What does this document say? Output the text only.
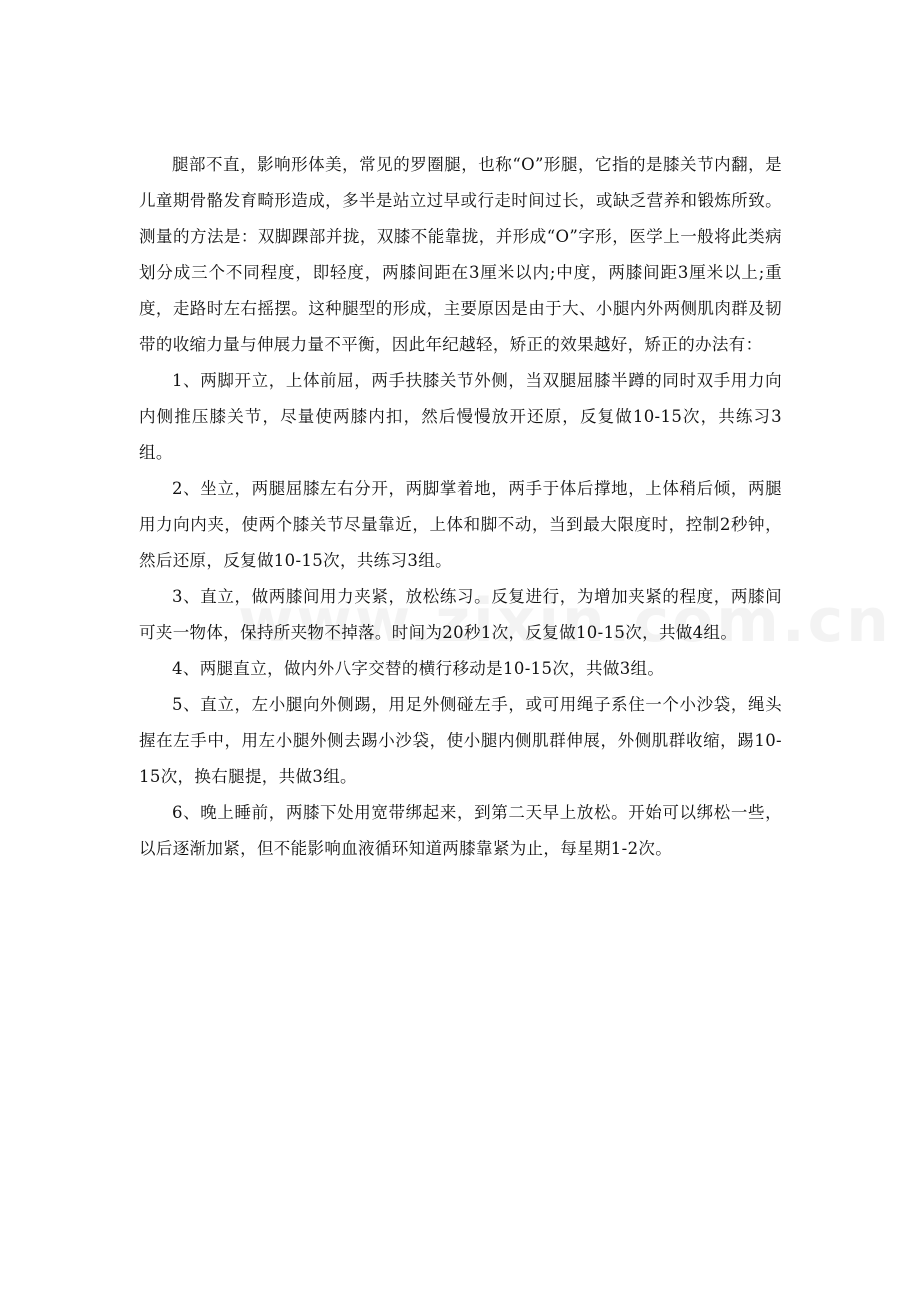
腿部不直，影响形体美，常见的罗圈腿，也称“O”形腿，它指的是膝关节内翻，是儿童期骨骼发育畸形造成，多半是站立过早或行走时间过长，或缺乏营养和锻炼所致。测量的方法是：双脚踝部并拢，双膝不能靠拢，并形成“O”字形，医学上一般将此类病划分成三个不同程度，即轻度，两膝间距在3厘米以内;中度，两膝间距3厘米以上;重度，走路时左右摇摆。这种腿型的形成，主要原因是由于大、小腿内外两侧肌肉群及韧带的收缩力量与伸展力量不平衡，因此年纪越轻，矫正的效果越好，矫正的办法有：

1、两脚开立，上体前屈，两手扶膝关节外侧，当双腿屈膝半蹲的同时双手用力向内侧推压膝关节，尽量使两膝内扣，然后慢慢放开还原，反复做10-15次，共练习3组。

2、坐立，两腿屈膝左右分开，两脚掌着地，两手于体后撑地，上体稍后倾，两腿用力向内夹，使两个膝关节尽量靠近，上体和脚不动，当到最大限度时，控制2秒钟，然后还原，反复做10-15次，共练习3组。

3、直立，做两膝间用力夹紧，放松练习。反复进行，为增加夹紧的程度，两膝间可夹一物体，保持所夹物不掉落。时间为20秒1次，反复做10-15次，共做4组。

4、两腿直立，做内外八字交替的横行移动是10-15次，共做3组。

5、直立，左小腿向外侧踢，用足外侧碰左手，或可用绳子系住一个小沙袋，绳头握在左手中，用左小腿外侧去踢小沙袋，使小腿内侧肌群伸展，外侧肌群收缩，踢10-15次，换右腿提，共做3组。

6、晚上睡前，两膝下处用宽带绑起来，到第二天早上放松。开始可以绑松一些，以后逐渐加紧，但不能影响血液循环知道两膝靠紧为止，每星期1-2次。
